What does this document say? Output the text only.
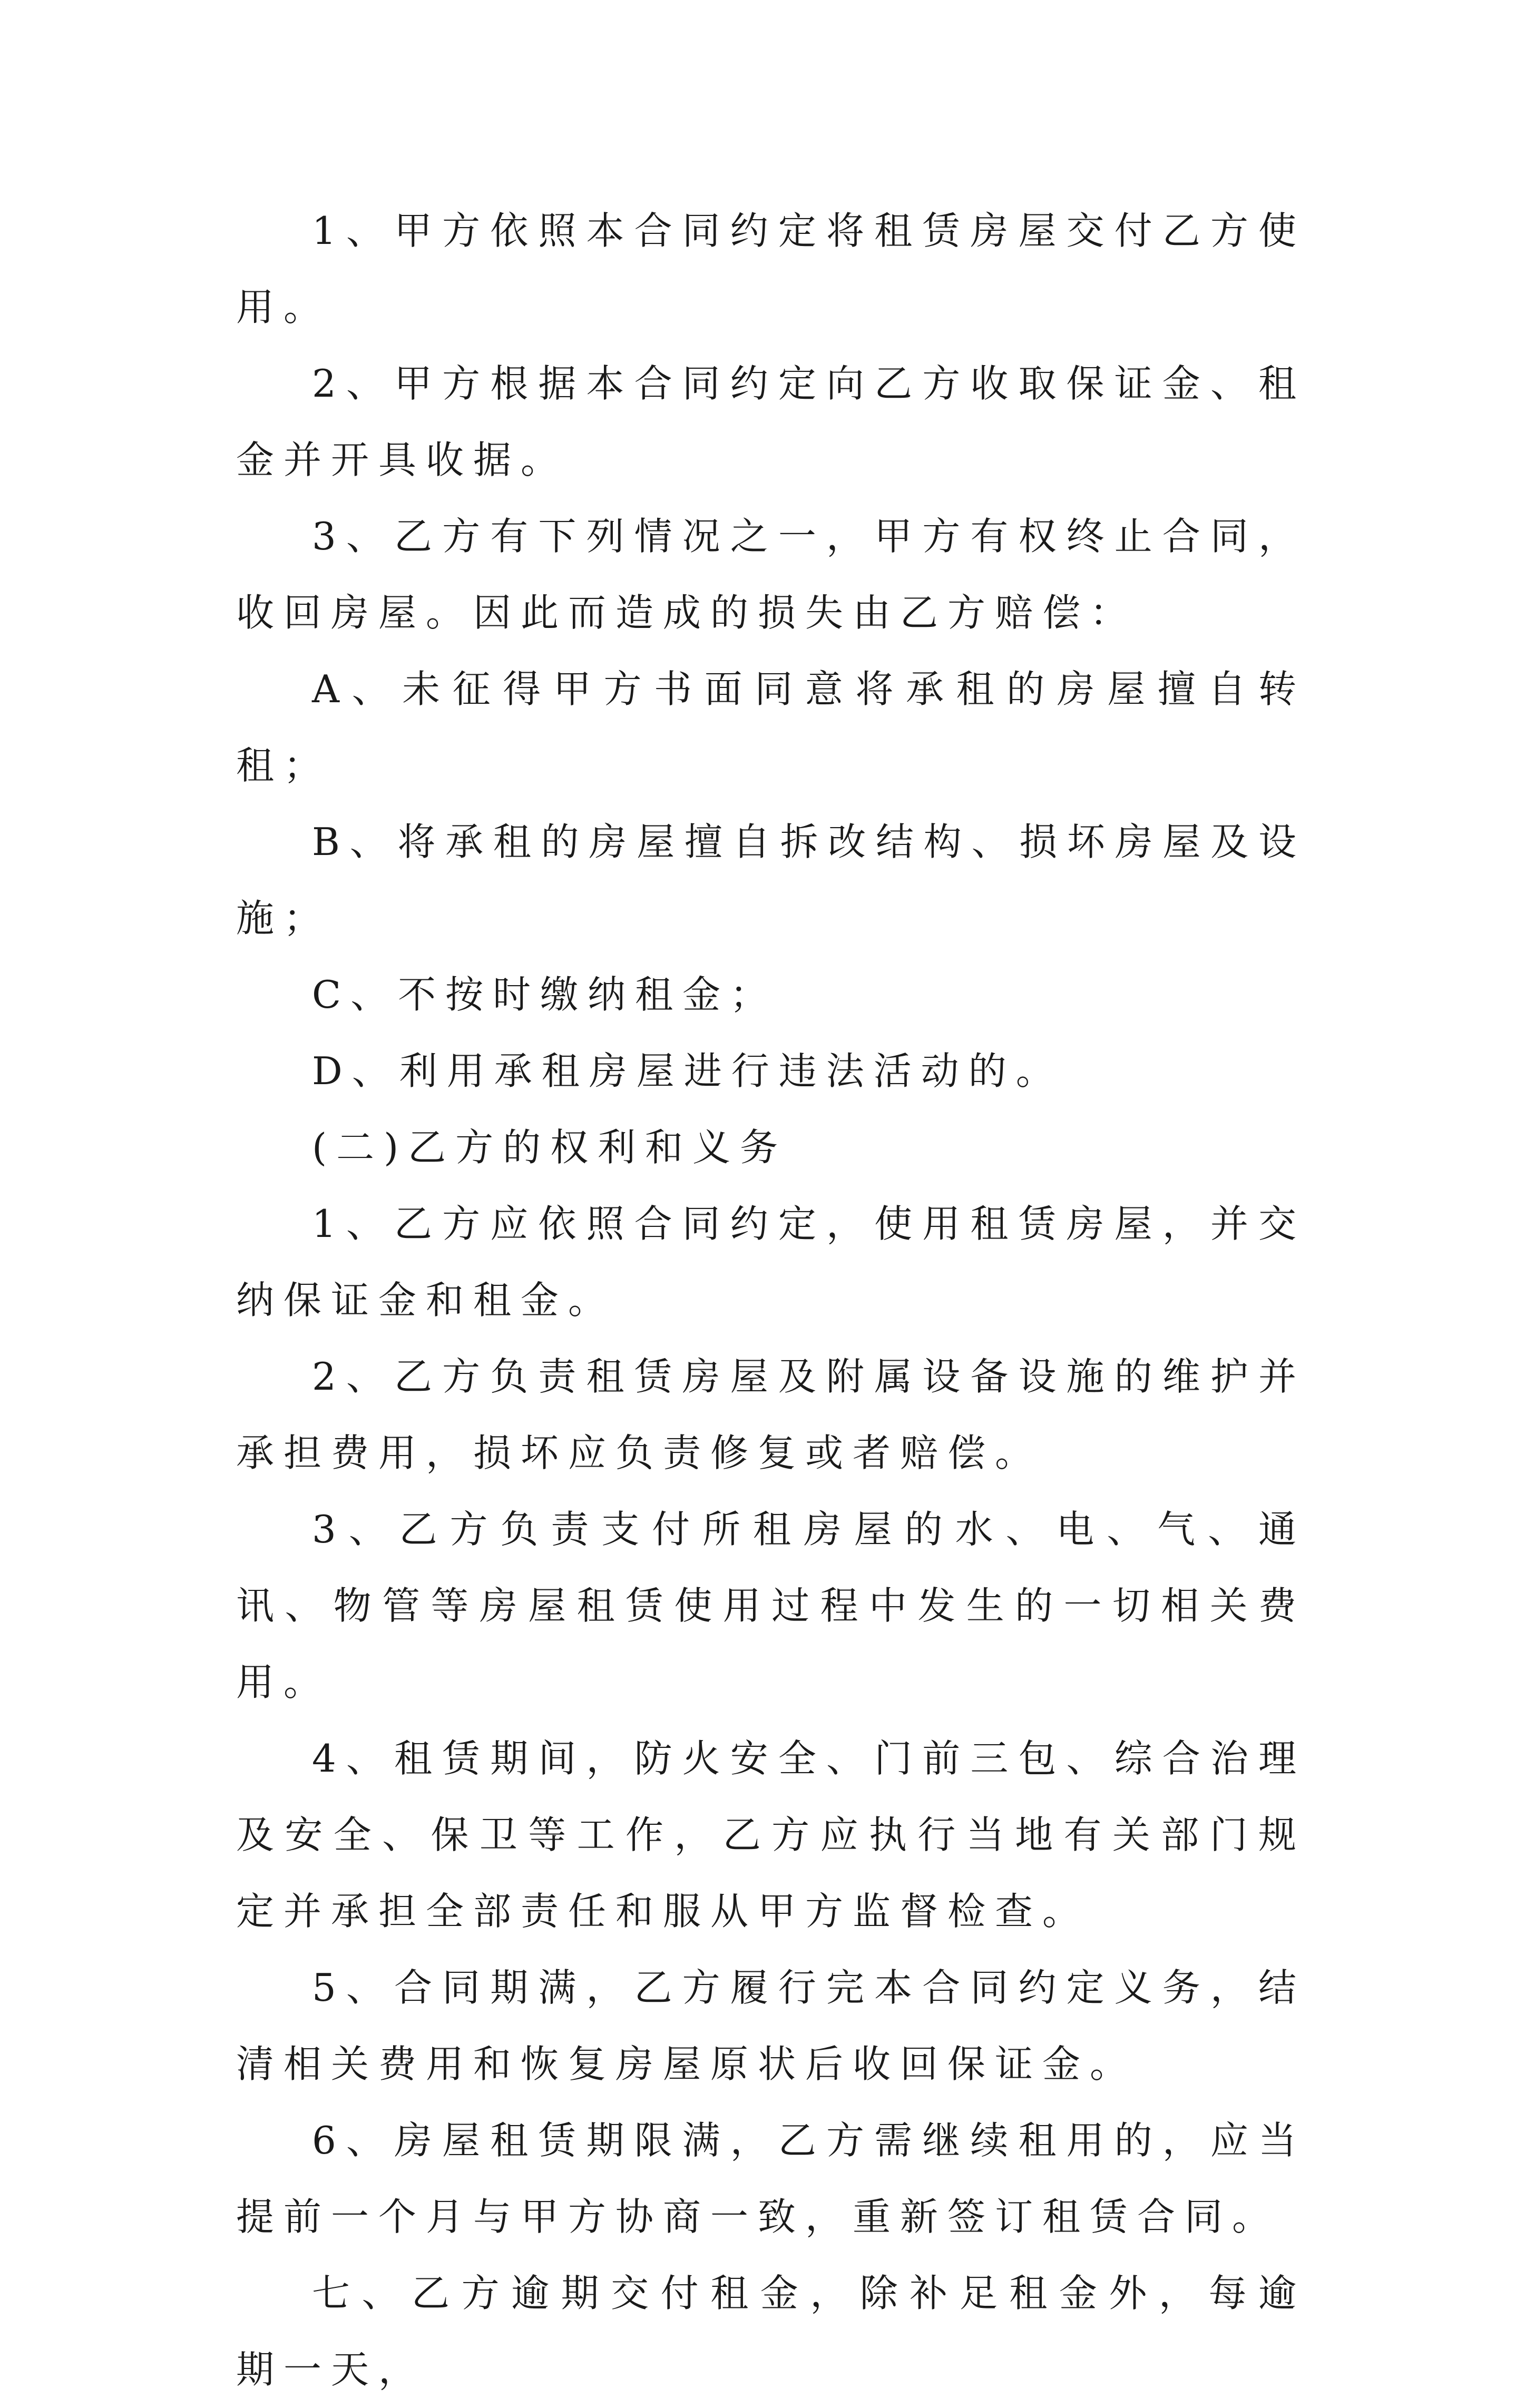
1、甲方依照本合同约定将租赁房屋交付乙方使用。

2、甲方根据本合同约定向乙方收取保证金、租金并开具收据。

3、乙方有下列情况之一，甲方有权终止合同，收回房屋。因此而造成的损失由乙方赔偿：

A、未征得甲方书面同意将承租的房屋擅自转租；

B、将承租的房屋擅自拆改结构、损坏房屋及设施；

C、不按时缴纳租金；

D、利用承租房屋进行违法活动的。

(二)乙方的权利和义务

1、乙方应依照合同约定，使用租赁房屋，并交纳保证金和租金。

2、乙方负责租赁房屋及附属设备设施的维护并承担费用，损坏应负责修复或者赔偿。

3、乙方负责支付所租房屋的水、电、气、通讯、物管等房屋租赁使用过程中发生的一切相关费用。

4、租赁期间，防火安全、门前三包、综合治理及安全、保卫等工作，乙方应执行当地有关部门规定并承担全部责任和服从甲方监督检查。

5、合同期满，乙方履行完本合同约定义务，结清相关费用和恢复房屋原状后收回保证金。

6、房屋租赁期限满，乙方需继续租用的，应当提前一个月与甲方协商一致，重新签订租赁合同。

七、乙方逾期交付租金，除补足租金外，每逾期一天，
